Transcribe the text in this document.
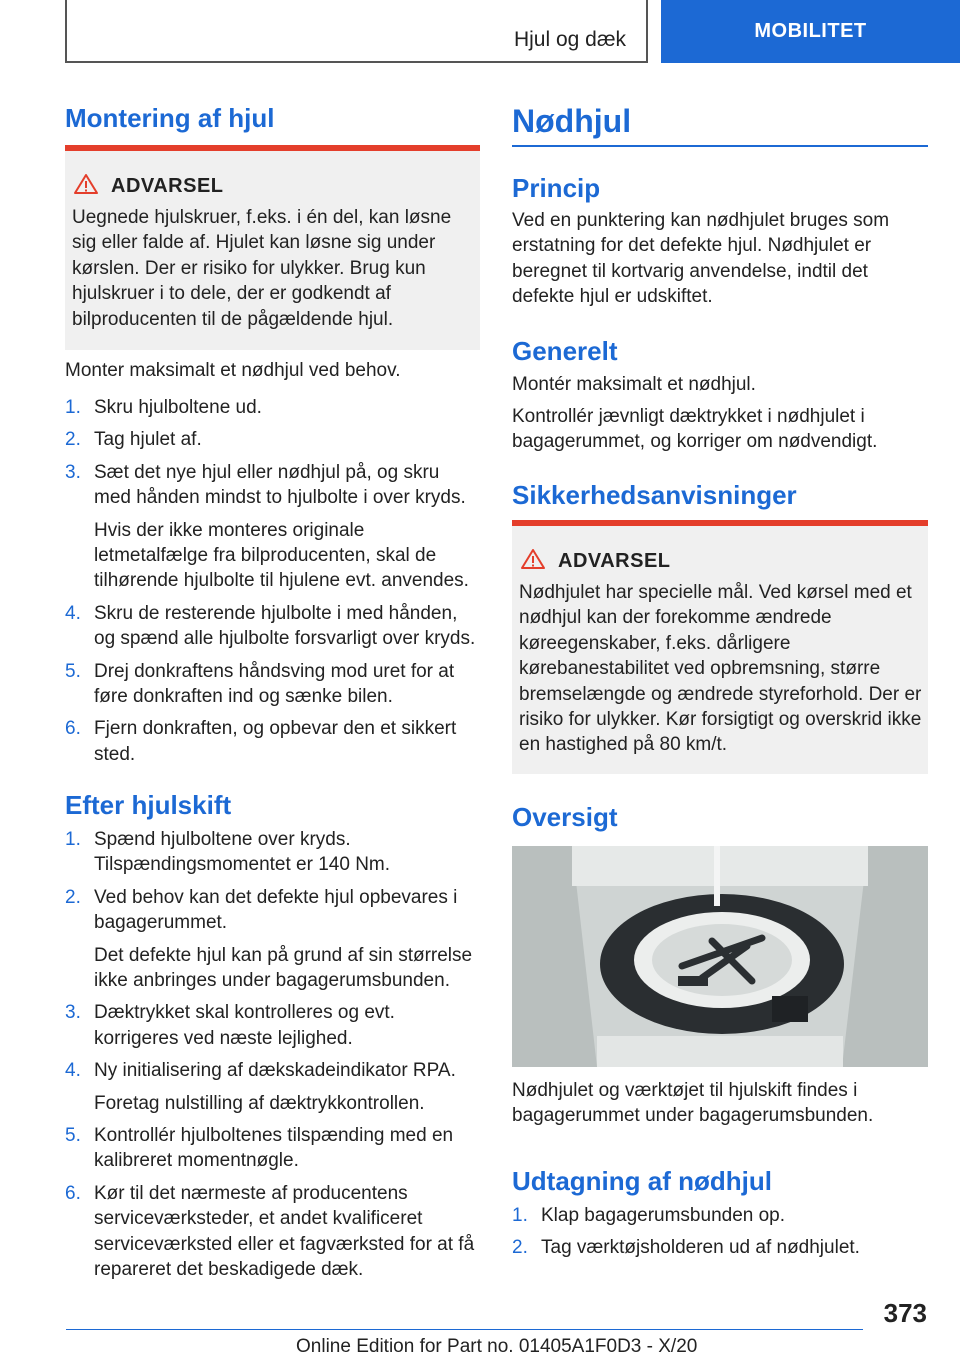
Hjul og dæk	MOBILITET
Montering af hjul
ADVARSEL
Uegnede hjulskruer, f.eks. i én del, kan løsne sig eller falde af. Hjulet kan løsne sig under kørslen. Der er risiko for ulykker. Brug kun hjulskruer i to dele, der er godkendt af bilproducenten til de pågældende hjul.

Monter maksimalt et nødhjul ved behov.

1. Skru hjulboltene ud.
2. Tag hjulet af.
3. Sæt det nye hjul eller nødhjul på, og skru med hånden mindst to hjulbolte i over kryds.
Hvis der ikke monteres originale letmetalfælge fra bilproducenten, skal de tilhørende hjulbolte til hjulene evt. anvendes.
4. Skru de resterende hjulbolte i med hånden, og spænd alle hjulbolte forsvarligt over kryds.
5. Drej donkraftens håndsving mod uret for at føre donkraften ind og sænke bilen.
6. Fjern donkraften, og opbevar den et sikkert sted.
Efter hjulskift
1. Spænd hjulboltene over kryds. Tilspændingsmomentet er 140 Nm.
2. Ved behov kan det defekte hjul opbevares i bagagerummet.
Det defekte hjul kan på grund af sin størrelse ikke anbringes under bagagerumsbunden.
3. Dæktrykket skal kontrolleres og evt. korrigeres ved næste lejlighed.
4. Ny initialisering af dækskadeindikator RPA.
Foretag nulstilling af dæktrykkontrollen.
5. Kontrollér hjulboltenes tilspænding med en kalibreret momentnøgle.
6. Kør til det nærmeste af producentens serviceværksteder, et andet kvalificeret serviceværksted eller et fagværksted for at få repareret det beskadigede dæk.
Nødhjul
Princip

Ved en punktering kan nødhjulet bruges som erstatning for det defekte hjul. Nødhjulet er beregnet til kortvarig anvendelse, indtil det defekte hjul er udskiftet.

Generelt

Montér maksimalt et nødhjul.

Kontrollér jævnligt dæktrykket i nødhjulet i bagagerummet, og korriger om nødvendigt.

Sikkerhedsanvisninger
ADVARSEL
Nødhjulet har specielle mål. Ved kørsel med et nødhjul kan der forekomme ændrede køreegenskaber, f.eks. dårligere kørebanestabilitet ved opbremsning, større bremselængde og ændrede styreforhold. Der er risiko for ulykker. Kør forsigtigt og overskrid ikke en hastighed på 80 km/t.
Oversigt

Nødhjulet og værktøjet til hjulskift findes i bagagerummet under bagagerumsbunden.

Udtagning af nødhjul
1. Klap bagagerumsbunden op.
2. Tag værktøjsholderen ud af nødhjulet.
373
Online Edition for Part no. 01405A1F0D3 - X/20
